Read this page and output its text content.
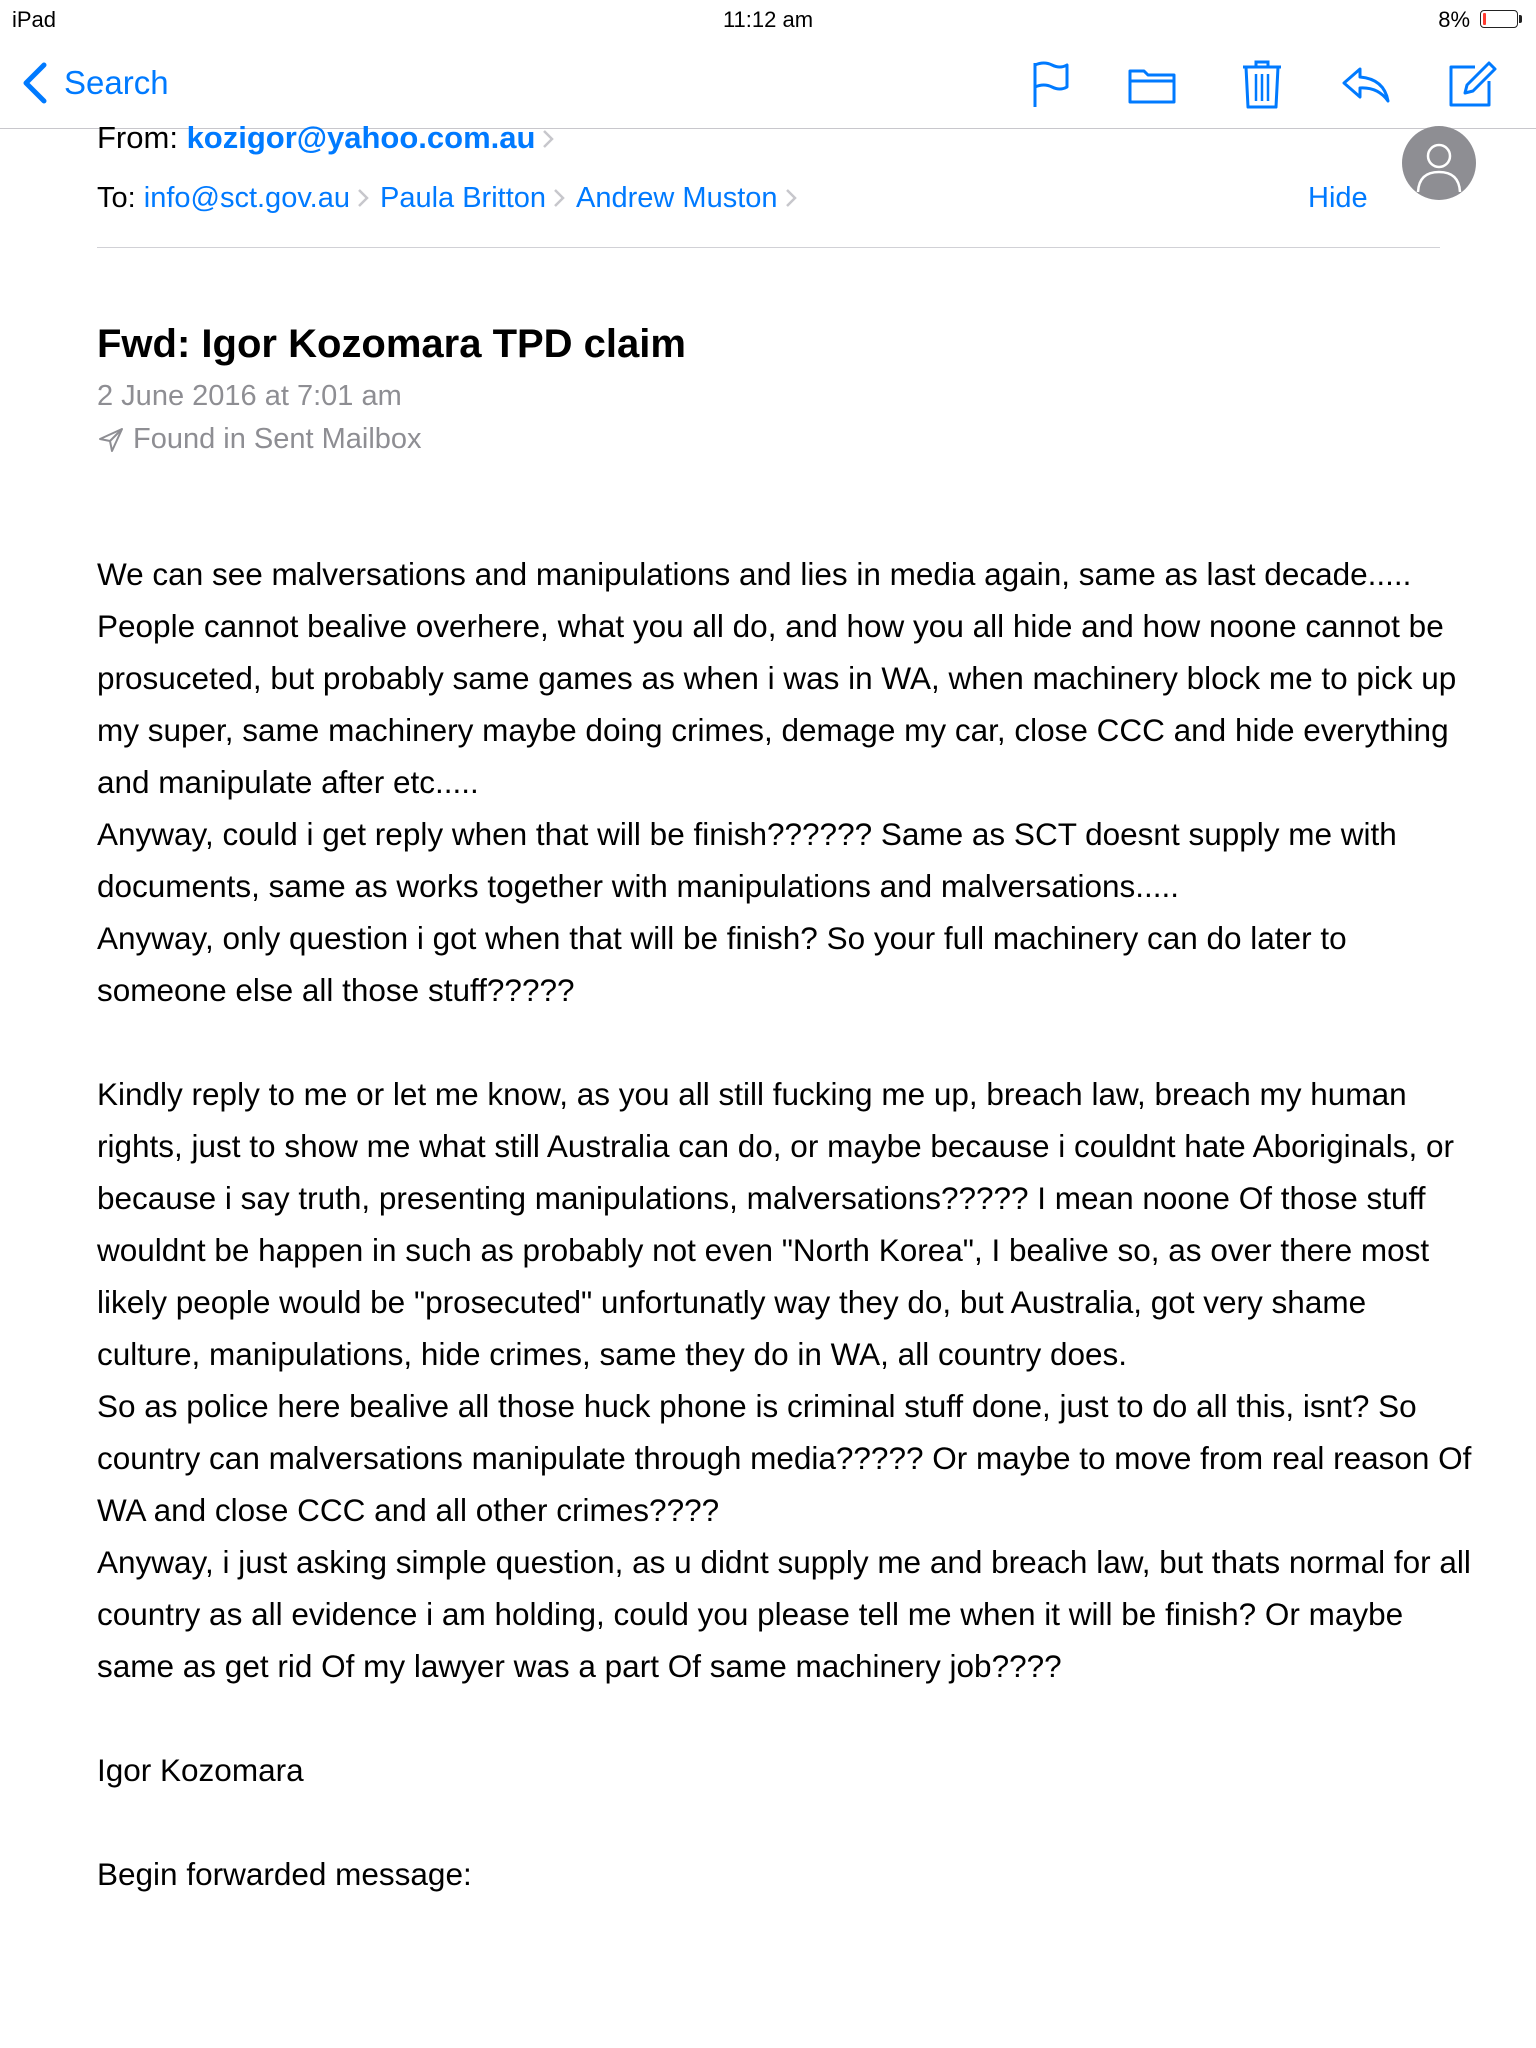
iPad	11:12 am	8%
Search
From: kozigor@yahoo.com.au
To: info@sct.gov.au Paula Britton Andrew Muston	Hide
Fwd: Igor Kozomara TPD claim
2 June 2016 at 7:01 am
Found in Sent Mailbox

We can see malversations and manipulations and lies in media again, same as last decade.....

People cannot bealive overhere, what you all do, and how you all hide and how noone cannot be prosuceted, but probably same games as when i was in WA, when machinery block me to pick up my super, same machinery maybe doing crimes, demage my car, close CCC and hide everything and manipulate after etc.....

Anyway, could i get reply when that will be finish?????? Same as SCT doesnt supply me with documents, same as works together with manipulations and malversations.....

Anyway, only question i got when that will be finish? So your full machinery can do later to someone else all those stuff?????

Kindly reply to me or let me know, as you all still fucking me up, breach law, breach my human rights, just to show me what still Australia can do, or maybe because i couldnt hate Aboriginals, or because i say truth, presenting manipulations, malversations????? I mean noone Of those stuff wouldnt be happen in such as probably not even "North Korea", I bealive so, as over there most likely people would be "prosecuted" unfortunatly way they do, but Australia, got very shame culture, manipulations, hide crimes, same they do in WA, all country does.

So as police here bealive all those huck phone is criminal stuff done, just to do all this, isnt? So country can malversations manipulate through media????? Or maybe to move from real reason Of WA and close CCC and all other crimes????

Anyway, i just asking simple question, as u didnt supply me and breach law, but thats normal for all country as all evidence i am holding, could you please tell me when it will be finish? Or maybe same as get rid Of my lawyer was a part Of same machinery job????

Igor Kozomara

Begin forwarded message:
